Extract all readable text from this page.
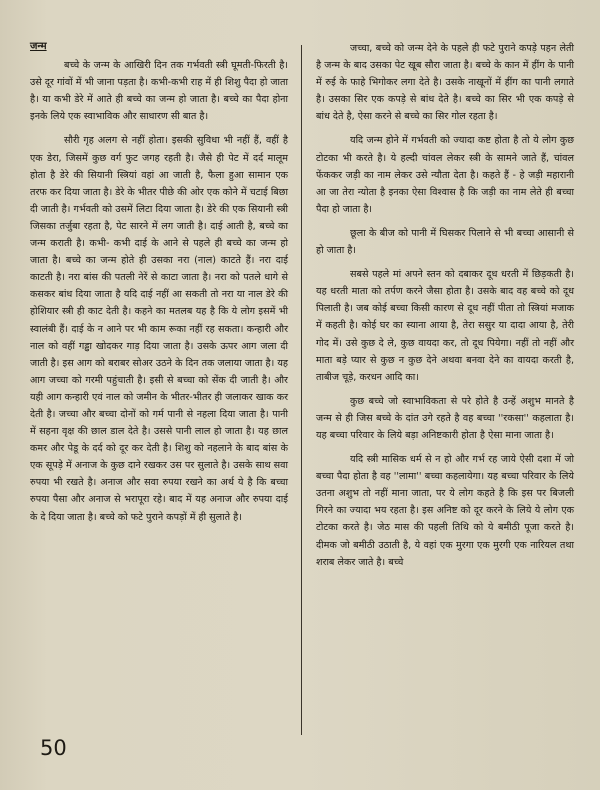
जन्म

बच्चे के जन्म के आखिरी दिन तक गर्भवती स्त्री घूमती-फिरती है। उसे दूर गांवों में भी जाना पड़ता है। कभी-कभी राह में ही शिशु पैदा हो जाता है। या कभी डेरे में आते ही बच्चे का जन्म हो जाता है। बच्चे का पैदा होना इनके लिये एक स्वाभाविक और साधारण सी बात है।

सौरी गृह अलग से नहीं होता। इसकी सुविधा भी नहीं हैं, वहीं है एक डेरा, जिसमें कुछ वर्ग फुट जगह रहती है। जैसे ही पेट में दर्द मालूम होता है डेरे की सियानी स्त्रियां वहां आ जाती है, फैला हुआ सामान एक तरफ कर दिया जाता है। डेरे के भीतर पीछे की ओर एक कोने में चटाई बिछा दी जाती है। गर्भवती को उसमें लिटा दिया जाता है। डेरे की एक सियानी स्त्री जिसका तर्जुबा रहता है, पेट सारने में लग जाती है। दाई आती है, बच्चे का जन्म कराती है। कभी- कभी दाई के आने से पहले ही बच्चे का जन्म हो जाता है। बच्चे का जन्म होते ही उसका नरा (नाल) काटते हैं। नरा दाई काटती है। नरा बांस की पतली नेरें से काटा जाता है। नरा को पतले धागे से कसकर बांध दिया जाता है यदि दाई नहीं आ सकती तो नरा या नाल डेरे की होशियार स्त्री ही काट देती है। कहने का मतलब यह है कि ये लोग इसमें भी स्वालंबी हैं। दाई के न आने पर भी काम रूका नहीं रह सकता। कन्हारी और नाल को वहीं गड्ढा खोदकर गाड़ दिया जाता है। उसके ऊपर आग जला दी जाती है। इस आग को बराबर सोअर उठने के दिन तक जलाया जाता है। यह आग जच्चा को गरमी पहुंचाती है। इसी से बच्चा को सेंक दी जाती है। और यही आग कन्हारी एवं नाल को जमीन के भीतर-भीतर ही जलाकर खाक कर देती है। जच्चा और बच्चा दोनों को गर्म पानी से नहला दिया जाता है। पानी में सहना वृक्ष की छाल डाल देते है। उससे पानी लाल हो जाता है। यह छाल कमर और पेडू के दर्द को दूर कर देती है। शिशु को नहलाने के बाद बांस के एक सूपड़े में अनाज के कुछ दाने रखकर उस पर सुलाते है। उसके साथ सवा रुपया भी रखते है। अनाज और सवा रुपया रखने का अर्थ ये है कि बच्चा रुपया पैसा और अनाज से भरापूरा रहे। बाद में यह अनाज और रुपया दाई के दे दिया जाता है। बच्चे को फटे पुराने कपड़ों में ही सुलाते है।

जच्चा, बच्चे को जन्म देने के पहले ही फटे पुराने कपड़े पहन लेती है जन्म के बाद उसका पेट खूब सौरा जाता है। बच्चे के कान में हींग के पानी में रुई के फाहे भिगोकर लगा देते है। उसके नाखूनों में हींग का पानी लगाते है। उसका सिर एक कपड़े से बांध देते है। बच्चे का सिर भी एक कपड़े से बांध देते है, ऐसा करने से बच्चे का सिर गोल रहता है।

यदि जन्म होने में गर्भवती को ज्यादा कष्ट होता है तो ये लोग कुछ टोटका भी करते है। ये हल्दी चांवल लेकर स्त्री के सामने जाते हैं, चांवल फेंककर जड़ी का नाम लेकर उसे न्यौता देता है। कहते हैं - हे जड़ी महारानी आ जा तेरा न्योता है इनका ऐसा विश्वास है कि जड़ी का नाम लेते ही बच्चा पैदा हो जाता है।

छूला के बीज को पानी में घिसकर पिलाने से भी बच्चा आसानी से हो जाता है।

सबसे पहले मां अपने स्तन को दबाकर दूध धरती में छिड़कती है। यह धरती माता को तर्पण करने जैसा होता है। उसके बाद वह बच्चे को दूध पिलाती है। जब कोई बच्चा किसी कारण से दूध नहीं पीता तो स्त्रियां मजाक में कहती है। कोई घर का स्याना आया है, तेरा ससुर या दादा आया है, तेरी गोद में। उसे कुछ दे ले, कुछ वायदा कर, तो दूध पियेगा। नहीं तो नहीं और माता बड़े प्यार से कुछ न कुछ देने अथवा बनवा देने का वायदा करती है, ताबीज चूड़े, करधन आदि का।

कुछ बच्चे जो स्वाभाविकता से परे होते है उन्हें अशुभ मानते है जन्म से ही जिस बच्चे के दांत उगे रहते है वह बच्चा ''रकसा'' कहलाता है। यह बच्चा परिवार के लिये बड़ा अनिष्टकारी होता है ऐसा माना जाता है।

यदि स्त्री मासिक धर्म से न हो और गर्भ रह जाये ऐसी दशा में जो बच्चा पैदा होता है वह ''लामा'' बच्चा कहलायेगा। यह बच्चा परिवार के लिये उतना अशुभ तो नहीं माना जाता, पर ये लोग कहते है कि इस पर बिजली गिरने का ज्यादा भय रहता है। इस अनिष्ट को दूर करने के लिये ये लोग एक टोटका करते है। जेठ मास की पहली तिथि को ये बमीठी पूजा करते है। दीमक जो बमीठी उठाती है, ये वहां एक मुरगा एक मुरगी एक नारियल तथा शराब लेकर जाते है। बच्चे

50
